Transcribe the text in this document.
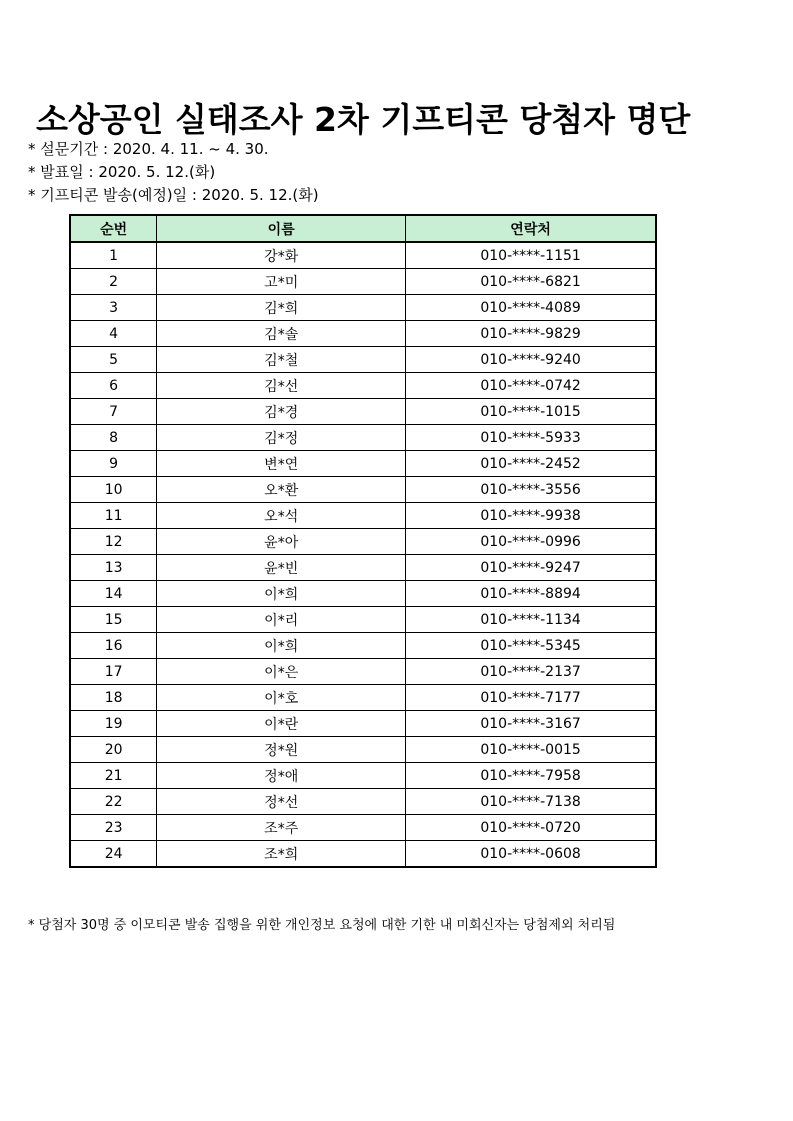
소상공인 실태조사 2차 기프티콘 당첨자 명단
* 설문기간 : 2020. 4. 11. ~ 4. 30.
* 발표일 : 2020. 5. 12.(화)
* 기프티콘 발송(예정)일 : 2020. 5. 12.(화)
순번	이름	연락처
1	강*화	010-****-1151
2	고*미	010-****-6821
3	김*희	010-****-4089
4	김*솔	010-****-9829
5	김*철	010-****-9240
6	김*선	010-****-0742
7	김*경	010-****-1015
8	김*정	010-****-5933
9	변*연	010-****-2452
10	오*환	010-****-3556
11	오*석	010-****-9938
12	윤*아	010-****-0996
13	윤*빈	010-****-9247
14	이*희	010-****-8894
15	이*리	010-****-1134
16	이*희	010-****-5345
17	이*은	010-****-2137
18	이*호	010-****-7177
19	이*란	010-****-3167
20	정*원	010-****-0015
21	정*애	010-****-7958
22	정*선	010-****-7138
23	조*주	010-****-0720
24	조*희	010-****-0608
* 당첨자 30명 중 이모티콘 발송 집행을 위한 개인정보 요청에 대한 기한 내 미회신자는 당첨제외 처리됨
